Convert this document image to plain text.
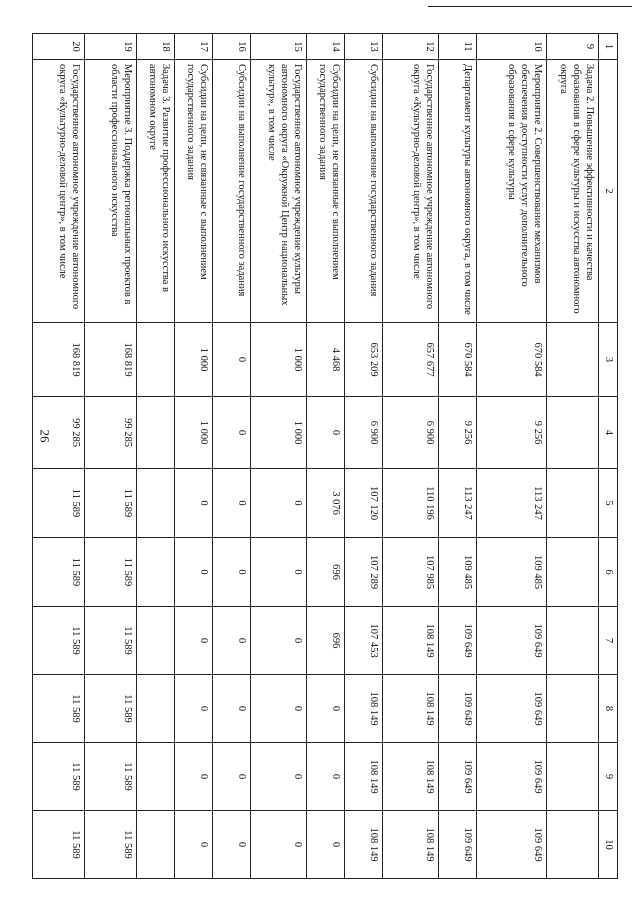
26
1	2	3	4	5	6	7	8	9	10
9	Задача 2. Повышение эффективности и качества образования в сфере культуры и искусства автономного округа								
10	Мероприятие 2. Совершенствование механизмов обеспечения доступности услуг дополнительного образования в сфере культуры	670 584	9 256	113 247	109 485	109 649	109 649	109 649	109 649
11	Департамент культуры автономного округа, в том числе	670 584	9 256	113 247	109 485	109 649	109 649	109 649	109 649
12	Государственное автономное учреждение автономного округа «Культурно-деловой центр», в том числе	657 677	6 900	110 196	107 985	108 149	108 149	108 149	108 149
13	Субсидии на выполнение государственного задания	653 209	6 900	107 120	107 289	107 453	108 149	108 149	108 149
14	Субсидии на цели, не связанные с выполнением государственного задания	4 468	0	3 076	696	696	0	0	0
15	Государственное автономное учреждение культуры автономного округа «Окружной Центр национальных культур», в том числе	1 000	1 000	0	0	0	0	0	0
16	Субсидии на выполнение государственного задания	0	0	0	0	0	0	0	0
17	Субсидии на цели, не связанные с выполнением государственного задания	1 000	1 000	0	0	0	0	0	0
18	Задача 3. Развитие профессионального искусства в автономном округе								
19	Мероприятие 3. Поддержка региональных проектов в области профессионального искусства	168 819	99 285	11 589	11 589	11 589	11 589	11 589	11 589
20	Государственное автономное учреждение автономного округа «Культурно-деловой центр», в том числе	168 819	99 285	11 589	11 589	11 589	11 589	11 589	11 589
